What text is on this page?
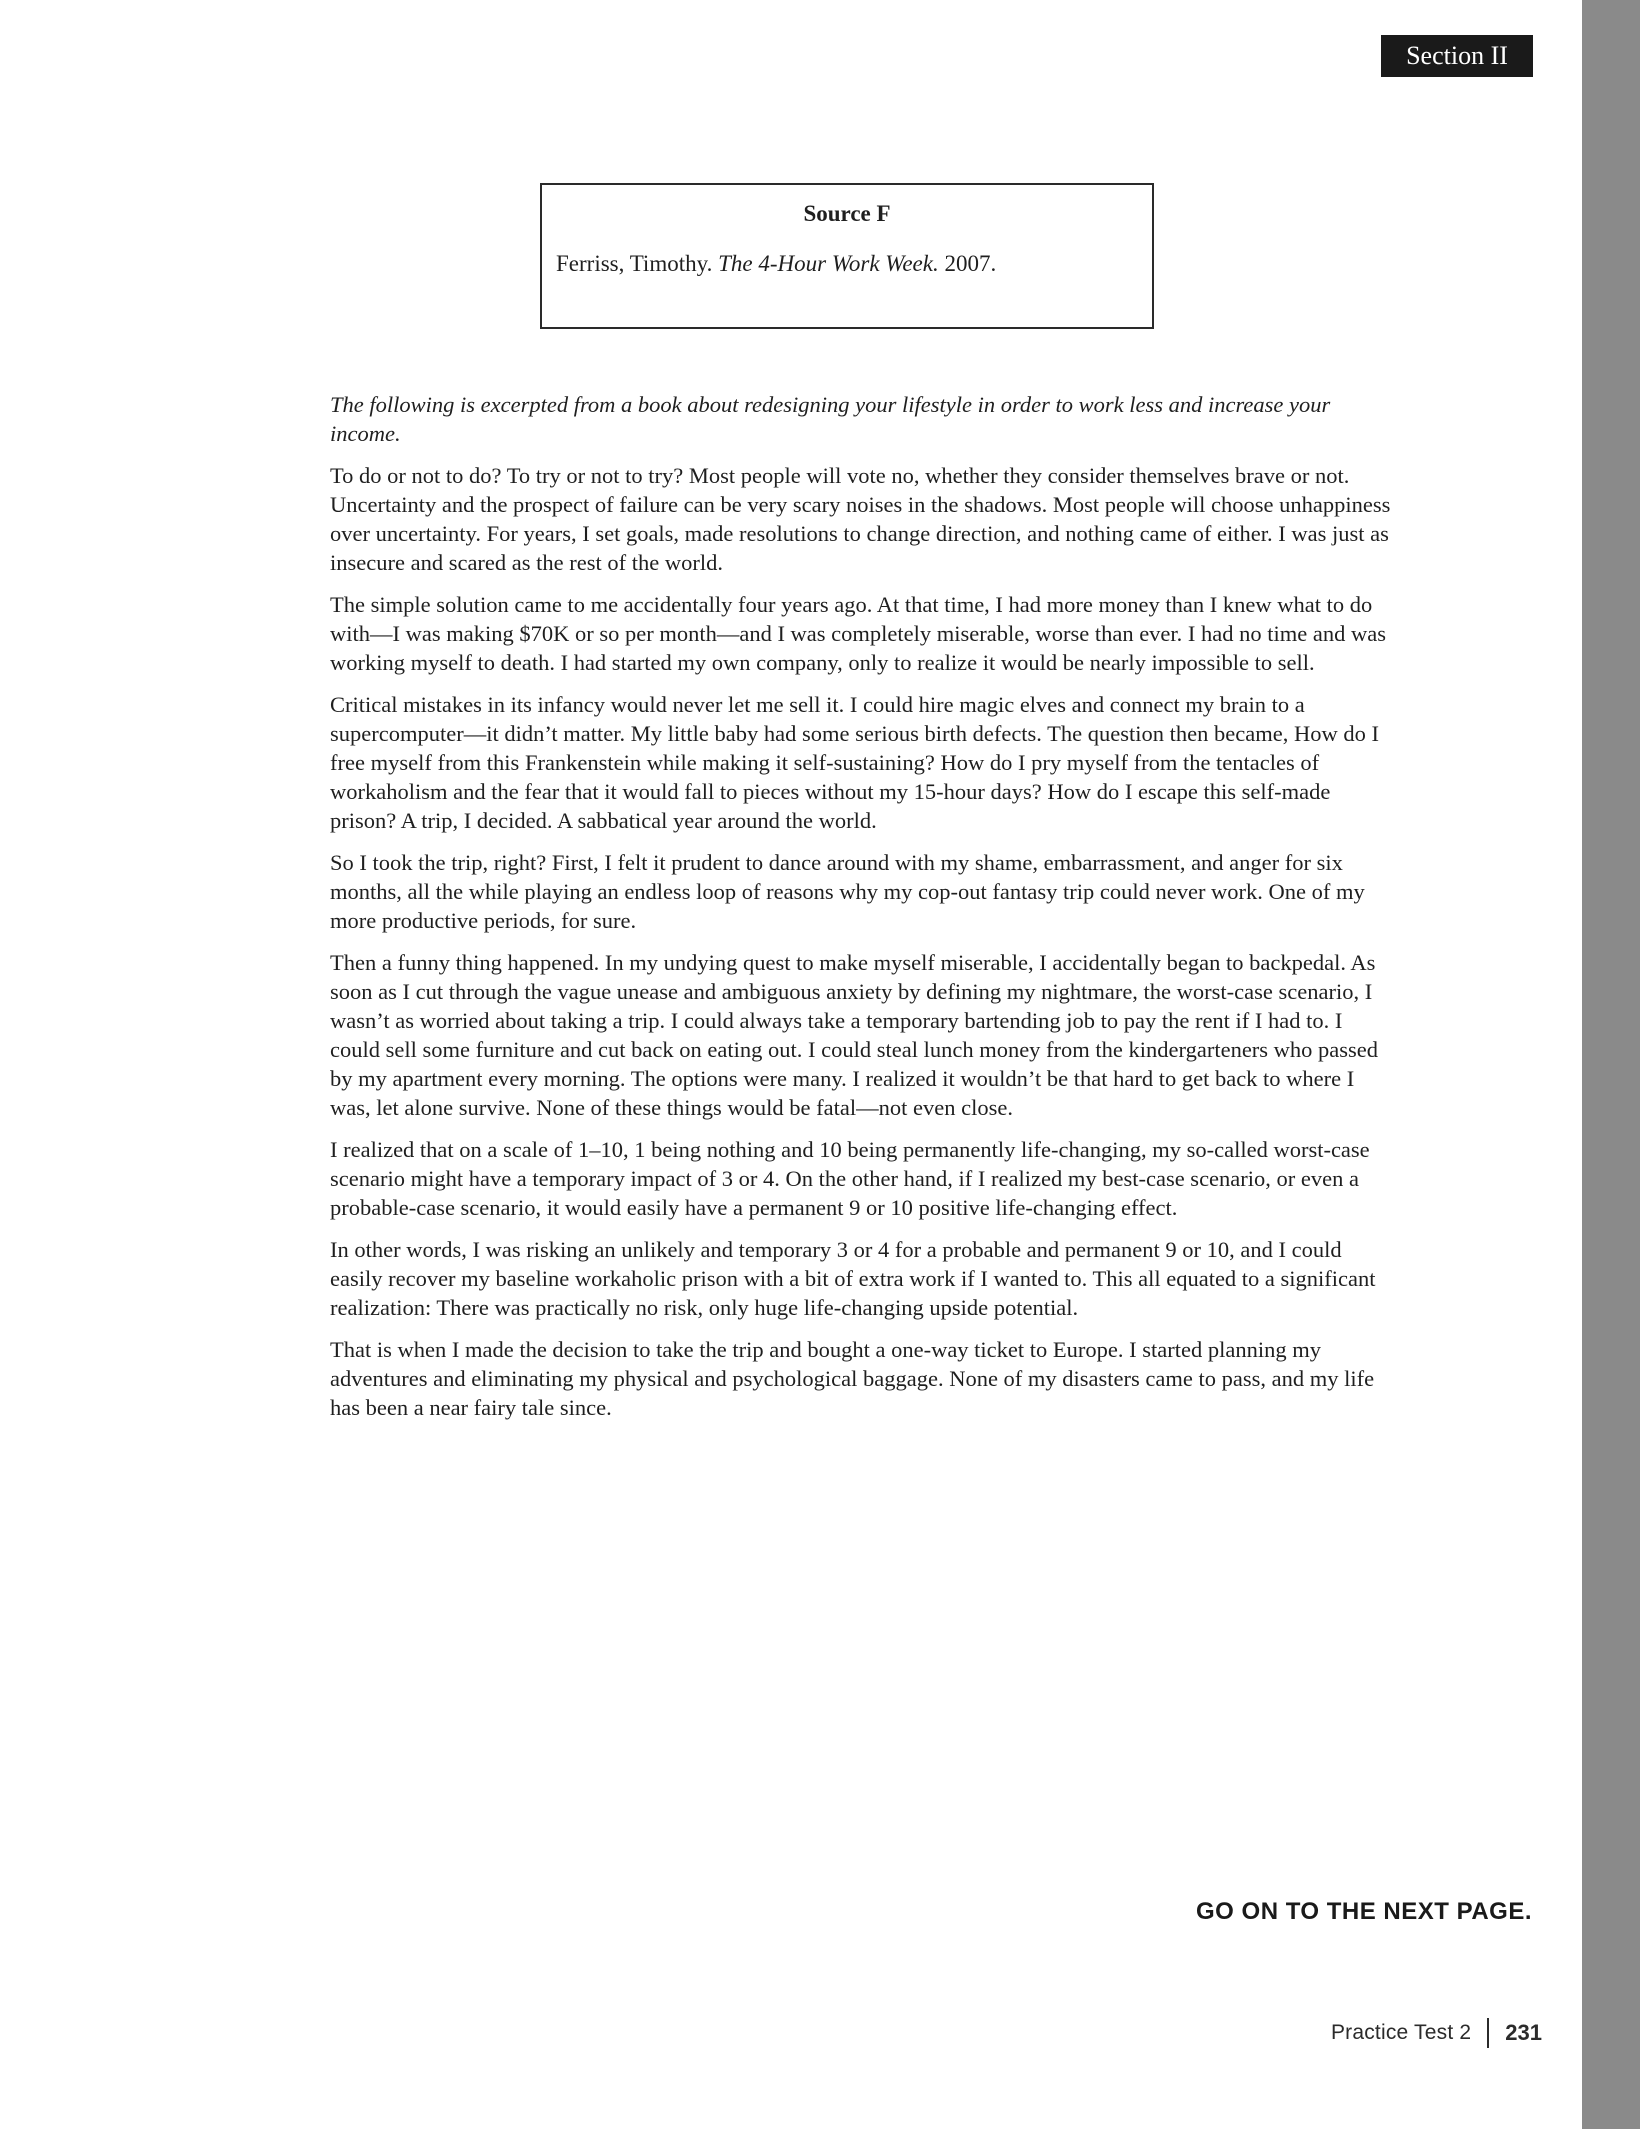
Section II
Source F
Ferriss, Timothy. The 4-Hour Work Week. 2007.

The following is excerpted from a book about redesigning your lifestyle in order to work less and increase your income.

To do or not to do? To try or not to try? Most people will vote no, whether they consider themselves brave or not. Uncertainty and the prospect of failure can be very scary noises in the shadows. Most people will choose unhappiness over uncertainty. For years, I set goals, made resolutions to change direction, and nothing came of either. I was just as insecure and scared as the rest of the world.

The simple solution came to me accidentally four years ago. At that time, I had more money than I knew what to do with—I was making $70K or so per month—and I was completely miserable, worse than ever. I had no time and was working myself to death. I had started my own company, only to realize it would be nearly impossible to sell.

Critical mistakes in its infancy would never let me sell it. I could hire magic elves and connect my brain to a supercomputer—it didn’t matter. My little baby had some serious birth defects. The question then became, How do I free myself from this Frankenstein while making it self-sustaining? How do I pry myself from the tentacles of workaholism and the fear that it would fall to pieces without my 15-hour days? How do I escape this self-made prison? A trip, I decided. A sabbatical year around the world.

So I took the trip, right? First, I felt it prudent to dance around with my shame, embarrassment, and anger for six months, all the while playing an endless loop of reasons why my cop-out fantasy trip could never work. One of my more productive periods, for sure.

Then a funny thing happened. In my undying quest to make myself miserable, I accidentally began to backpedal. As soon as I cut through the vague unease and ambiguous anxiety by defining my nightmare, the worst-case scenario, I wasn’t as worried about taking a trip. I could always take a temporary bartending job to pay the rent if I had to. I could sell some furniture and cut back on eating out. I could steal lunch money from the kindergarteners who passed by my apartment every morning. The options were many. I realized it wouldn’t be that hard to get back to where I was, let alone survive. None of these things would be fatal—not even close.

I realized that on a scale of 1–10, 1 being nothing and 10 being permanently life-changing, my so-called worst-case scenario might have a temporary impact of 3 or 4. On the other hand, if I realized my best-case scenario, or even a probable-case scenario, it would easily have a permanent 9 or 10 positive life-changing effect.

In other words, I was risking an unlikely and temporary 3 or 4 for a probable and permanent 9 or 10, and I could easily recover my baseline workaholic prison with a bit of extra work if I wanted to. This all equated to a significant realization: There was practically no risk, only huge life-changing upside potential.

That is when I made the decision to take the trip and bought a one-way ticket to Europe. I started planning my adventures and eliminating my physical and psychological baggage. None of my disasters came to pass, and my life has been a near fairy tale since.

GO ON TO THE NEXT PAGE.
Practice Test 2 231
